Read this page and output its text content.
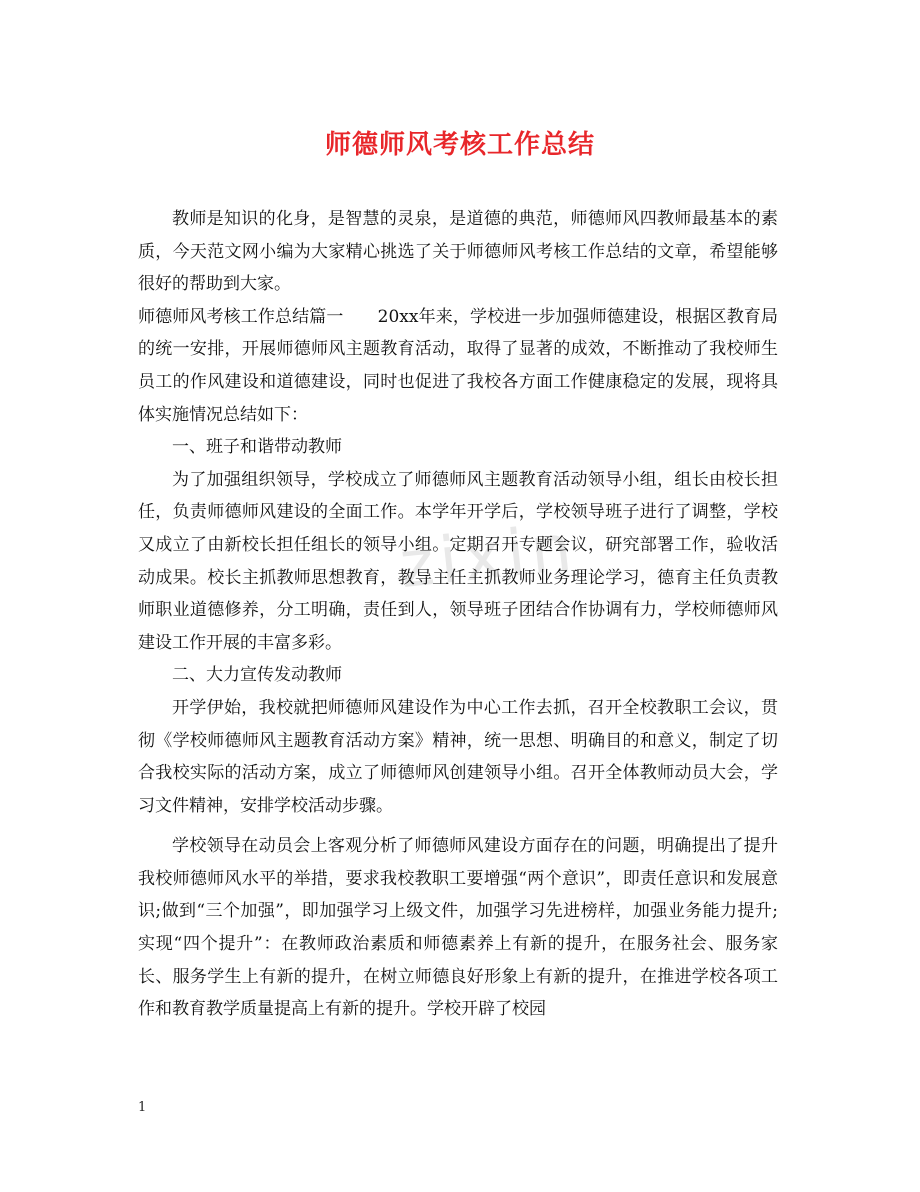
zixin
师德师风考核工作总结

教师是知识的化身，是智慧的灵泉，是道德的典范，师德师风四教师最基本的素质，今天范文网小编为大家精心挑选了关于师德师风考核工作总结的文章，希望能够很好的帮助到大家。

师德师风考核工作总结篇一　　20xx年来，学校进一步加强师德建设，根据区教育局的统一安排，开展师德师风主题教育活动，取得了显著的成效，不断推动了我校师生员工的作风建设和道德建设，同时也促进了我校各方面工作健康稳定的发展，现将具体实施情况总结如下：

一、班子和谐带动教师

为了加强组织领导，学校成立了师德师风主题教育活动领导小组，组长由校长担任，负责师德师风建设的全面工作。本学年开学后，学校领导班子进行了调整，学校又成立了由新校长担任组长的领导小组。定期召开专题会议，研究部署工作，验收活动成果。校长主抓教师思想教育，教导主任主抓教师业务理论学习，德育主任负责教师职业道德修养，分工明确，责任到人，领导班子团结合作协调有力，学校师德师风建设工作开展的丰富多彩。

二、大力宣传发动教师

开学伊始，我校就把师德师风建设作为中心工作去抓，召开全校教职工会议，贯彻《学校师德师风主题教育活动方案》精神，统一思想、明确目的和意义，制定了切合我校实际的活动方案，成立了师德师风创建领导小组。召开全体教师动员大会，学习文件精神，安排学校活动步骤。

学校领导在动员会上客观分析了师德师风建设方面存在的问题，明确提出了提升我校师德师风水平的举措，要求我校教职工要增强“两个意识”，即责任意识和发展意识;做到“三个加强”，即加强学习上级文件，加强学习先进榜样，加强业务能力提升;实现“四个提升”：在教师政治素质和师德素养上有新的提升，在服务社会、服务家长、服务学生上有新的提升，在树立师德良好形象上有新的提升，在推进学校各项工作和教育教学质量提高上有新的提升。学校开辟了校园

1
